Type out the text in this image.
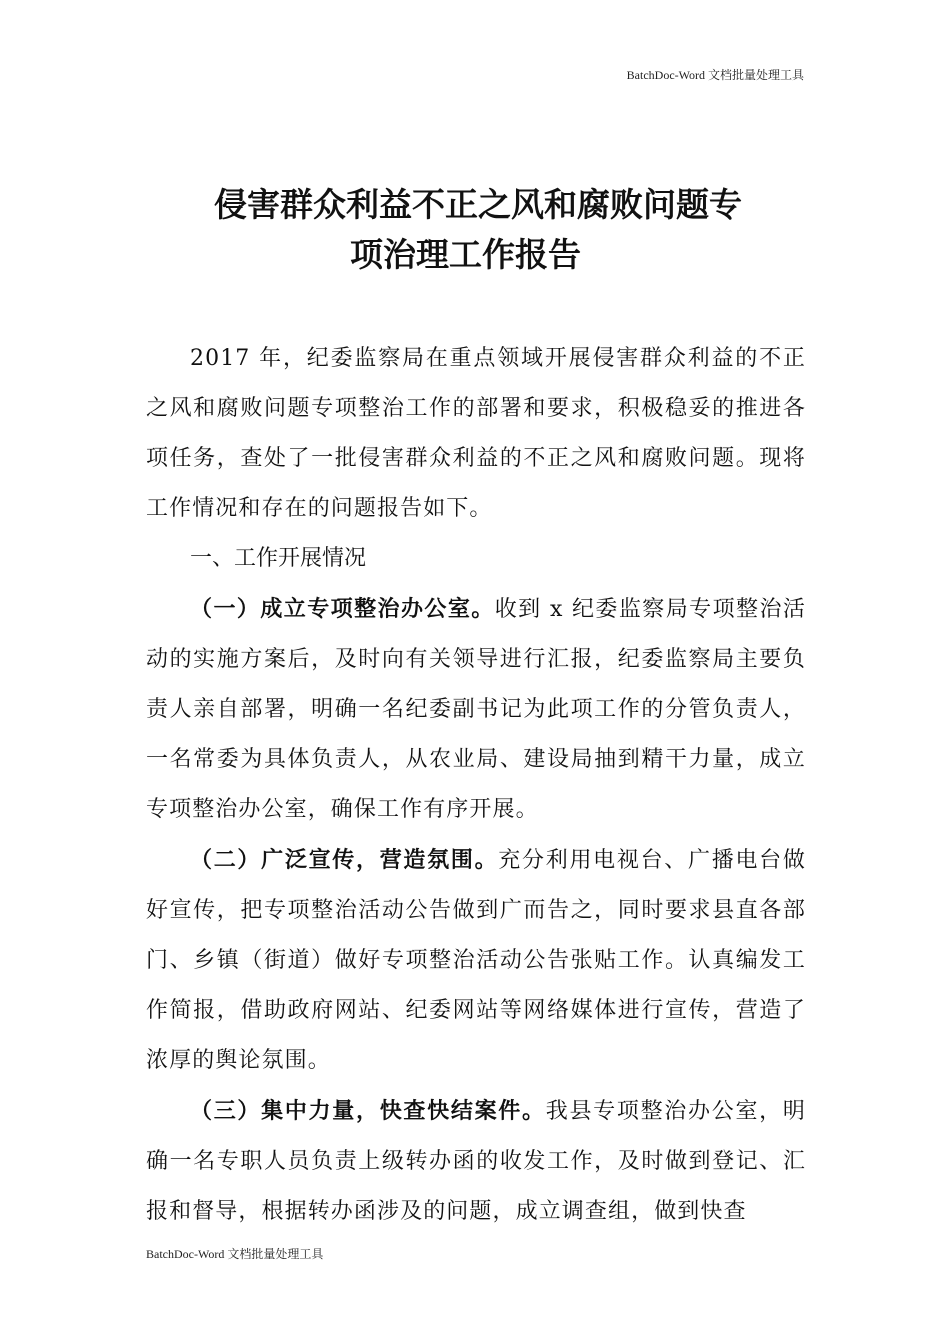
BatchDoc-Word 文档批量处理工具
侵害群众利益不正之风和腐败问题专
项治理工作报告

2017 年，纪委监察局在重点领域开展侵害群众利益的不正之风和腐败问题专项整治工作的部署和要求，积极稳妥的推进各项任务，查处了一批侵害群众利益的不正之风和腐败问题。现将工作情况和存在的问题报告如下。

一、工作开展情况

（一）成立专项整治办公室。收到 x 纪委监察局专项整治活动的实施方案后，及时向有关领导进行汇报，纪委监察局主要负责人亲自部署，明确一名纪委副书记为此项工作的分管负责人，一名常委为具体负责人，从农业局、建设局抽到精干力量，成立专项整治办公室，确保工作有序开展。

（二）广泛宣传，营造氛围。充分利用电视台、广播电台做好宣传，把专项整治活动公告做到广而告之，同时要求县直各部门、乡镇（街道）做好专项整治活动公告张贴工作。认真编发工作简报，借助政府网站、纪委网站等网络媒体进行宣传，营造了浓厚的舆论氛围。

（三）集中力量，快查快结案件。我县专项整治办公室，明确一名专职人员负责上级转办函的收发工作，及时做到登记、汇报和督导，根据转办函涉及的问题，成立调查组，做到快查

BatchDoc-Word 文档批量处理工具
